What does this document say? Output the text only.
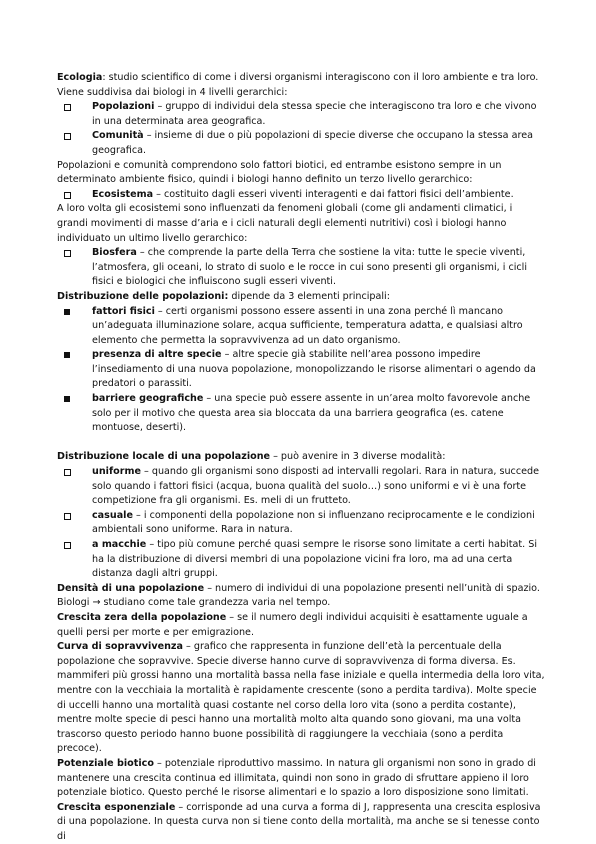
Ecologia: studio scientifico di come i diversi organismi interagiscono con il loro ambiente e tra loro. Viene suddivisa dai biologi in 4 livelli gerarchici:

Popolazioni – gruppo di individui dela stessa specie che interagiscono tra loro e che vivono in una determinata area geografica.
Comunità – insieme di due o più popolazioni di specie diverse che occupano la stessa area geografica.

Popolazioni e comunità comprendono solo fattori biotici, ed entrambe esistono sempre in un determinato ambiente fisico, quindi i biologi hanno definito un terzo livello gerarchico:

Ecosistema – costituito dagli esseri viventi interagenti e dai fattori fisici dell’ambiente.

A loro volta gli ecosistemi sono influenzati da fenomeni globali (come gli andamenti climatici, i grandi movimenti di masse d’aria e i cicli naturali degli elementi nutritivi) così i biologi hanno individuato un ultimo livello gerarchico:

Biosfera – che comprende la parte della Terra che sostiene la vita: tutte le specie viventi, l’atmosfera, gli oceani, lo strato di suolo e le rocce in cui sono presenti gli organismi, i cicli fisici e biologici che influiscono sugli esseri viventi.

Distribuzione delle popolazioni: dipende da 3 elementi principali:

fattori fisici – certi organismi possono essere assenti in una zona perché lì mancano un’adeguata illuminazione solare, acqua sufficiente, temperatura adatta, e qualsiasi altro elemento che permetta la sopravvivenza ad un dato organismo.
presenza di altre specie – altre specie già stabilite nell’area possono impedire l’insediamento di una nuova popolazione, monopolizzando le risorse alimentari o agendo da predatori o parassiti.
barriere geografiche – una specie può essere assente in un’area molto favorevole anche solo per il motivo che questa area sia bloccata da una barriera geografica (es. catene montuose, deserti).

Distribuzione locale di una popolazione – può avenire in 3 diverse modalità:

uniforme – quando gli organismi sono disposti ad intervalli regolari. Rara in natura, succede solo quando i fattori fisici (acqua, buona qualità del suolo…) sono uniformi e vi è una forte competizione fra gli organismi. Es. meli di un frutteto.
casuale – i componenti della popolazione non si influenzano reciprocamente e le condizioni ambientali sono uniforme. Rara in natura.
a macchie – tipo più comune perché quasi sempre le risorse sono limitate a certi habitat. Si ha la distribuzione di diversi membri di una popolazione vicini fra loro, ma ad una certa distanza dagli altri gruppi.

Densità di una popolazione – numero di individui di una popolazione presenti nell’unità di spazio. Biologi → studiano come tale grandezza varia nel tempo.

Crescita zera della popolazione – se il numero degli individui acquisiti è esattamente uguale a quelli persi per morte e per emigrazione.

Curva di sopravvivenza – grafico che rappresenta in funzione dell’età la percentuale della popolazione che sopravvive. Specie diverse hanno curve di sopravvivenza di forma diversa. Es. mammiferi più grossi hanno una mortalità bassa nella fase iniziale e quella intermedia della loro vita, mentre con la vecchiaia la mortalità è rapidamente crescente (sono a perdita tardiva). Molte specie di uccelli hanno una mortalità quasi costante nel corso della loro vita (sono a perdita costante), mentre molte specie di pesci hanno una mortalità molto alta quando sono giovani, ma una volta trascorso questo periodo hanno buone possibilità di raggiungere la vecchiaia (sono a perdita precoce).

Potenziale biotico – potenziale riproduttivo massimo. In natura gli organismi non sono in grado di mantenere una crescita continua ed illimitata, quindi non sono in grado di sfruttare appieno il loro potenziale biotico. Questo perché le risorse alimentari e lo spazio a loro disposizione sono limitati.

Crescita esponenziale – corrisponde ad una curva a forma di J, rappresenta una crescita esplosiva di una popolazione. In questa curva non si tiene conto della mortalità, ma anche se si tenesse conto di
